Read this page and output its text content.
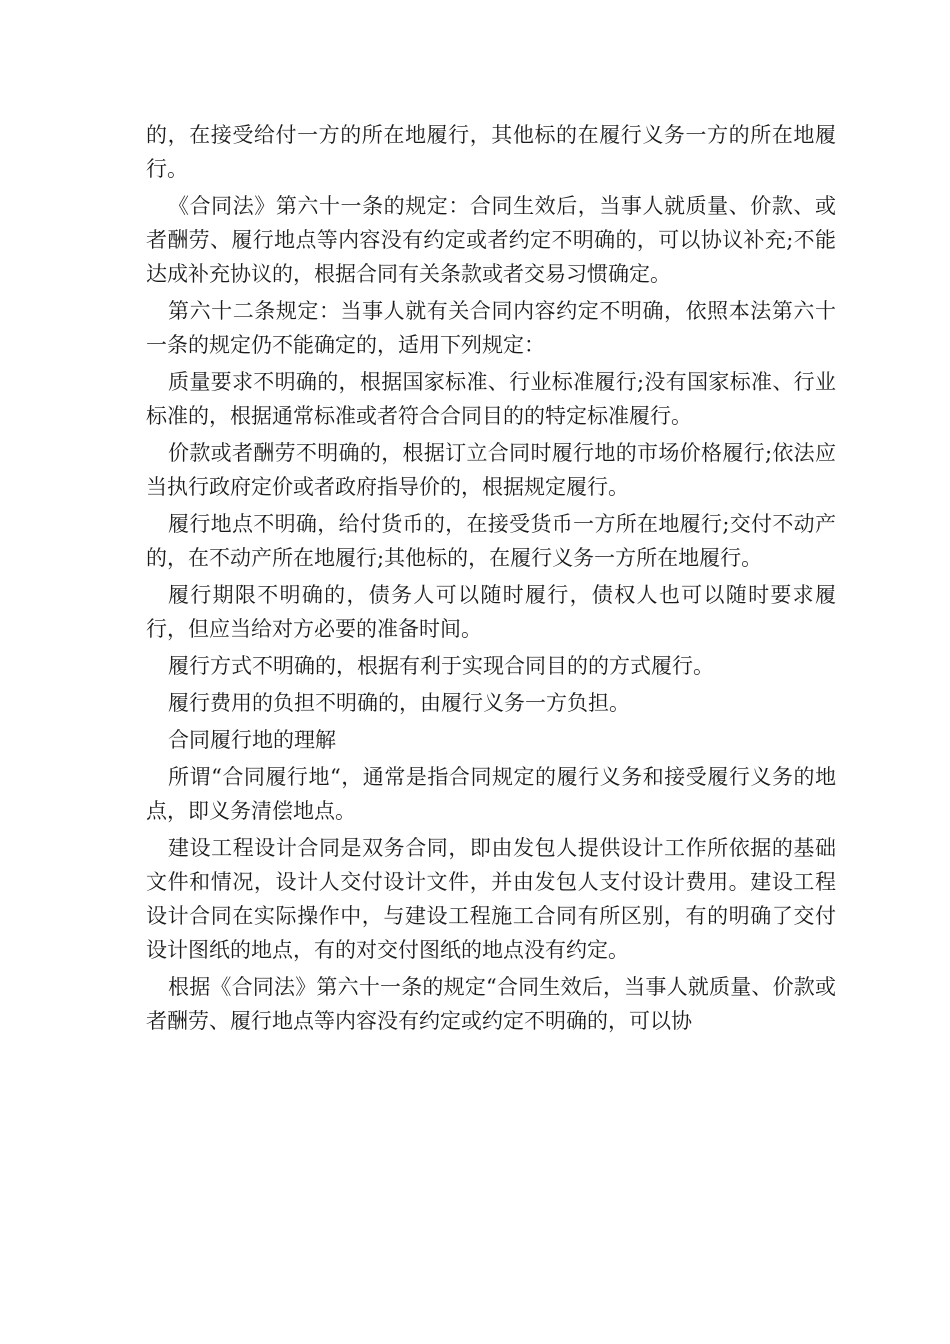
的，在接受给付一方的所在地履行，其他标的在履行义务一方的所在地履行。

《合同法》第六十一条的规定：合同生效后，当事人就质量、价款、或者酬劳、履行地点等内容没有约定或者约定不明确的，可以协议补充;不能达成补充协议的，根据合同有关条款或者交易习惯确定。

第六十二条规定：当事人就有关合同内容约定不明确，依照本法第六十一条的规定仍不能确定的，适用下列规定：

质量要求不明确的，根据国家标准、行业标准履行;没有国家标准、行业标准的，根据通常标准或者符合合同目的的特定标准履行。

价款或者酬劳不明确的，根据订立合同时履行地的市场价格履行;依法应当执行政府定价或者政府指导价的，根据规定履行。

履行地点不明确，给付货币的，在接受货币一方所在地履行;交付不动产的，在不动产所在地履行;其他标的，在履行义务一方所在地履行。

履行期限不明确的，债务人可以随时履行，债权人也可以随时要求履行，但应当给对方必要的准备时间。

履行方式不明确的，根据有利于实现合同目的的方式履行。

履行费用的负担不明确的，由履行义务一方负担。

合同履行地的理解

所谓“合同履行地“，通常是指合同规定的履行义务和接受履行义务的地点，即义务清偿地点。

建设工程设计合同是双务合同，即由发包人提供设计工作所依据的基础文件和情况，设计人交付设计文件，并由发包人支付设计费用。建设工程设计合同在实际操作中，与建设工程施工合同有所区别，有的明确了交付设计图纸的地点，有的对交付图纸的地点没有约定。

根据《合同法》第六十一条的规定“合同生效后，当事人就质量、价款或者酬劳、履行地点等内容没有约定或约定不明确的，可以协
